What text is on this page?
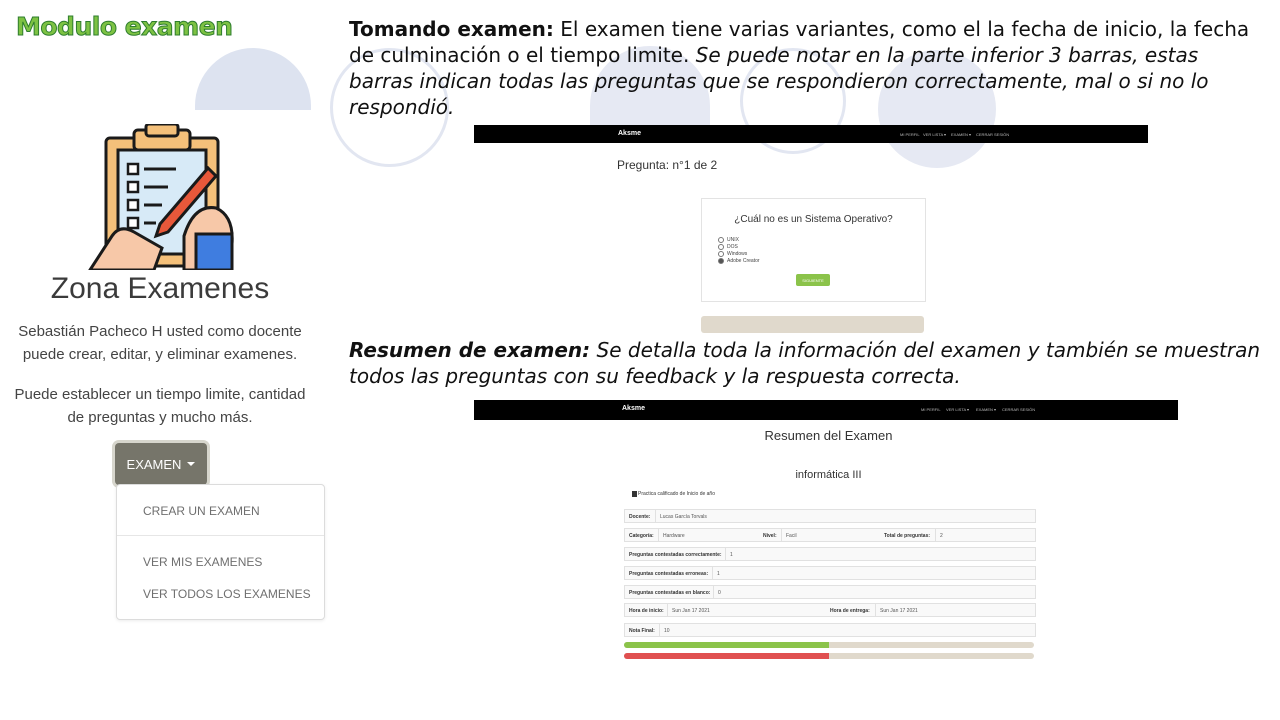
Modulo examen
Zona Examenes
Sebastián Pacheco H usted como docente
puede crear, editar, y eliminar examenes.
Puede establecer un tiempo limite, cantidad
de preguntas y mucho más.
EXAMEN
CREAR UN EXAMEN
VER MIS EXAMENES
VER TODOS LOS EXAMENES
Tomando examen: El examen tiene varias variantes, como el la fecha de inicio, la fecha de culminación o el tiempo limite. Se puede notar en la parte inferior 3 barras, estas barras indican todas las preguntas que se respondieron correctamente, mal o si no lo respondió.
Aksme	MI PERFIL VER LISTA ▾ EXAMEN ▾ CERRAR SESIÓN
Pregunta: n°1 de 2
¿Cuál no es un Sistema Operativo?
UNIX
DOS
Windows
Adobe Creator
SIGUIENTE
Resumen de examen: Se detalla toda la información del examen y también se muestran todos las preguntas con su feedback y la respuesta correcta.
Aksme	MI PERFIL VER LISTA ▾ EXAMEN ▾ CERRAR SESIÓN
Resumen del Examen
informática III
Practica calificado de Inicio de año
Docente: Lucas García Torvals
Categoría: Hardware	Nivel: Facil	Total de preguntas: 2
Preguntas contestadas correctamente: 1
Preguntas contestadas erroneas: 1
Preguntas contestadas en blanco: 0
Hora de inicio: Sun Jan 17 2021	Hora de entrega: Sun Jan 17 2021
Nota Final: 10
